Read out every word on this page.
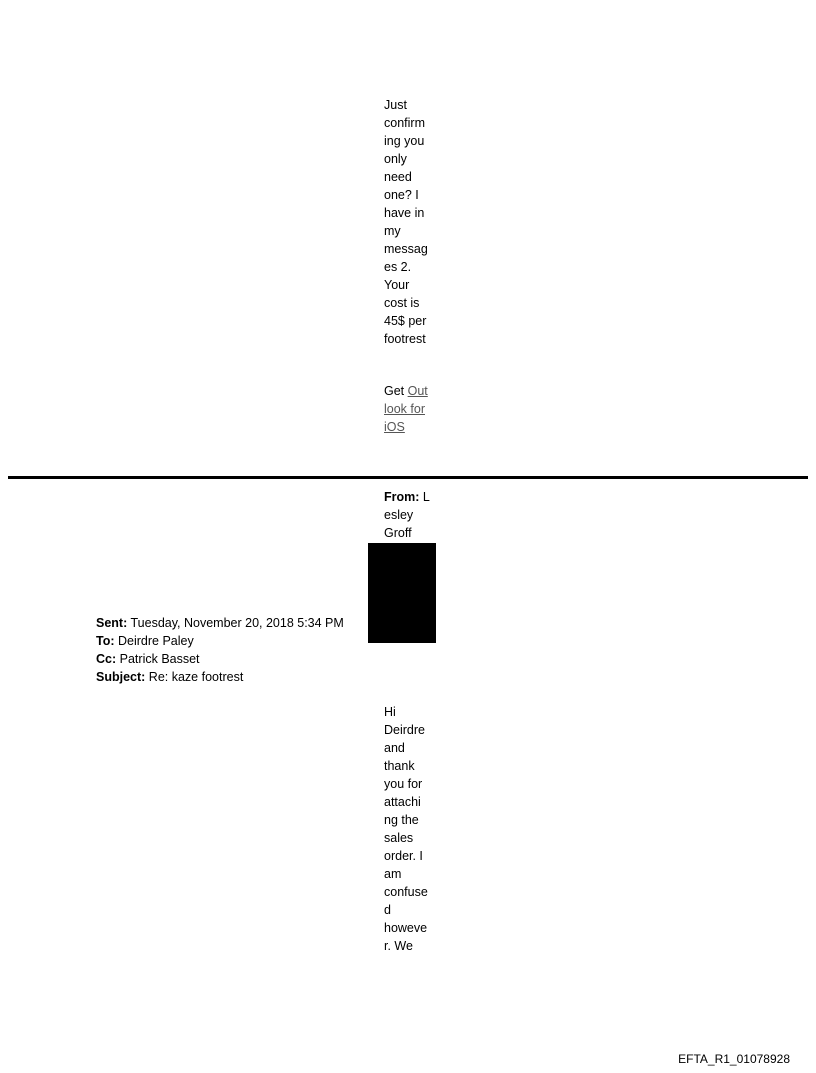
Just
confirm
ing you
only
need
one? I
have in
my
messag
es 2.
Your
cost is
45$ per
footrest
Get Out
look for
iOS
From: L
esley
Groff
Sent: Tuesday, November 20, 2018 5:34 PM
To: Deirdre Paley
Cc: Patrick Basset
Subject: Re: kaze footrest
Hi
Deirdre
and
thank
you for
attachi
ng the
sales
order. I
am
confuse
d
howeve
r. We
EFTA_R1_01078928
